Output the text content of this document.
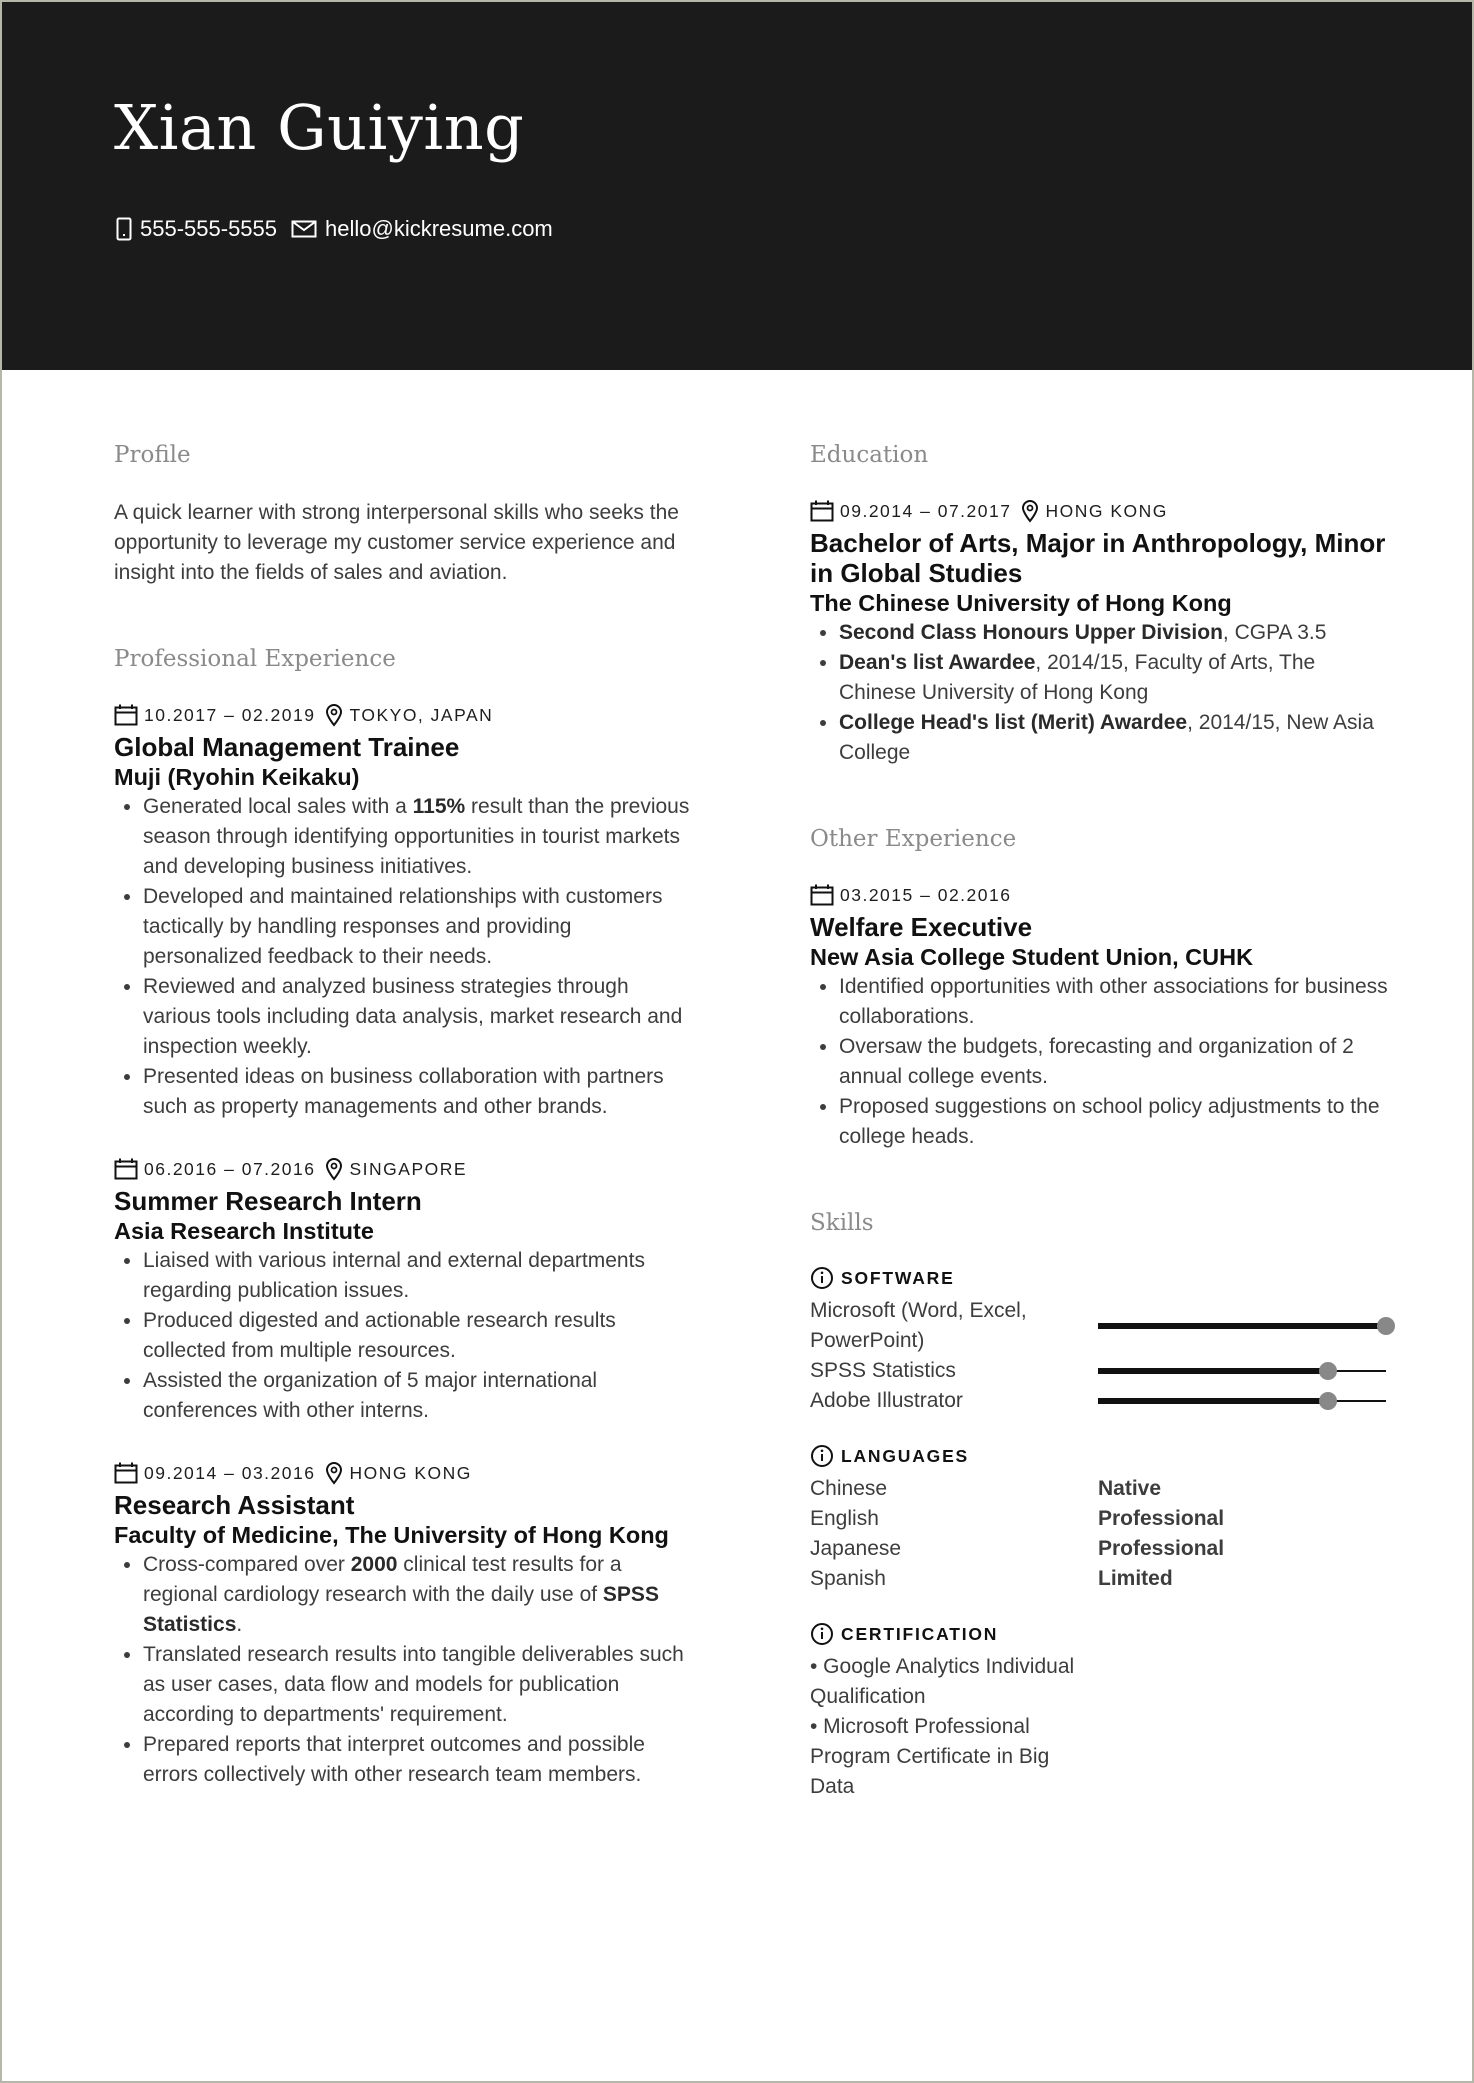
Xian Guiying
555-555-5555 hello@kickresume.com
Profile

A quick learner with strong interpersonal skills who seeks the opportunity to leverage my customer service experience and insight into the fields of sales and aviation.

Professional Experience
10.2017 – 02.2019 TOKYO, JAPAN

Global Management Trainee

Muji (Ryohin Keikaku)

• Generated local sales with a 115% result than the previous season through identifying opportunities in tourist markets and developing business initiatives.
• Developed and maintained relationships with customers tactically by handling responses and providing personalized feedback to their needs.
• Reviewed and analyzed business strategies through various tools including data analysis, market research and inspection weekly.
• Presented ideas on business collaboration with partners such as property managements and other brands.
06.2016 – 07.2016 SINGAPORE

Summer Research Intern

Asia Research Institute

• Liaised with various internal and external departments regarding publication issues.
• Produced digested and actionable research results collected from multiple resources.
• Assisted the organization of 5 major international conferences with other interns.
09.2014 – 03.2016 HONG KONG

Research Assistant

Faculty of Medicine, The University of Hong Kong

• Cross-compared over 2000 clinical test results for a regional cardiology research with the daily use of SPSS Statistics.
• Translated research results into tangible deliverables such as user cases, data flow and models for publication according to departments' requirement.
• Prepared reports that interpret outcomes and possible errors collectively with other research team members.
Education
09.2014 – 07.2017 HONG KONG

Bachelor of Arts, Major in Anthropology, Minor in Global Studies

The Chinese University of Hong Kong

• Second Class Honours Upper Division, CGPA 3.5
• Dean's list Awardee, 2014/15, Faculty of Arts, The Chinese University of Hong Kong
• College Head's list (Merit) Awardee, 2014/15, New Asia College
Other Experience
03.2015 – 02.2016

Welfare Executive

New Asia College Student Union, CUHK

• Identified opportunities with other associations for business collaborations.
• Oversaw the budgets, forecasting and organization of 2 annual college events.
• Proposed suggestions on school policy adjustments to the college heads.
Skills
SOFTWARE
Microsoft (Word, Excel, PowerPoint)
SPSS Statistics
Adobe Illustrator
LANGUAGES
Chinese	Native
English	Professional
Japanese	Professional
Spanish	Limited
CERTIFICATION
• Google Analytics Individual Qualification
• Microsoft Professional Program Certificate in Big Data
